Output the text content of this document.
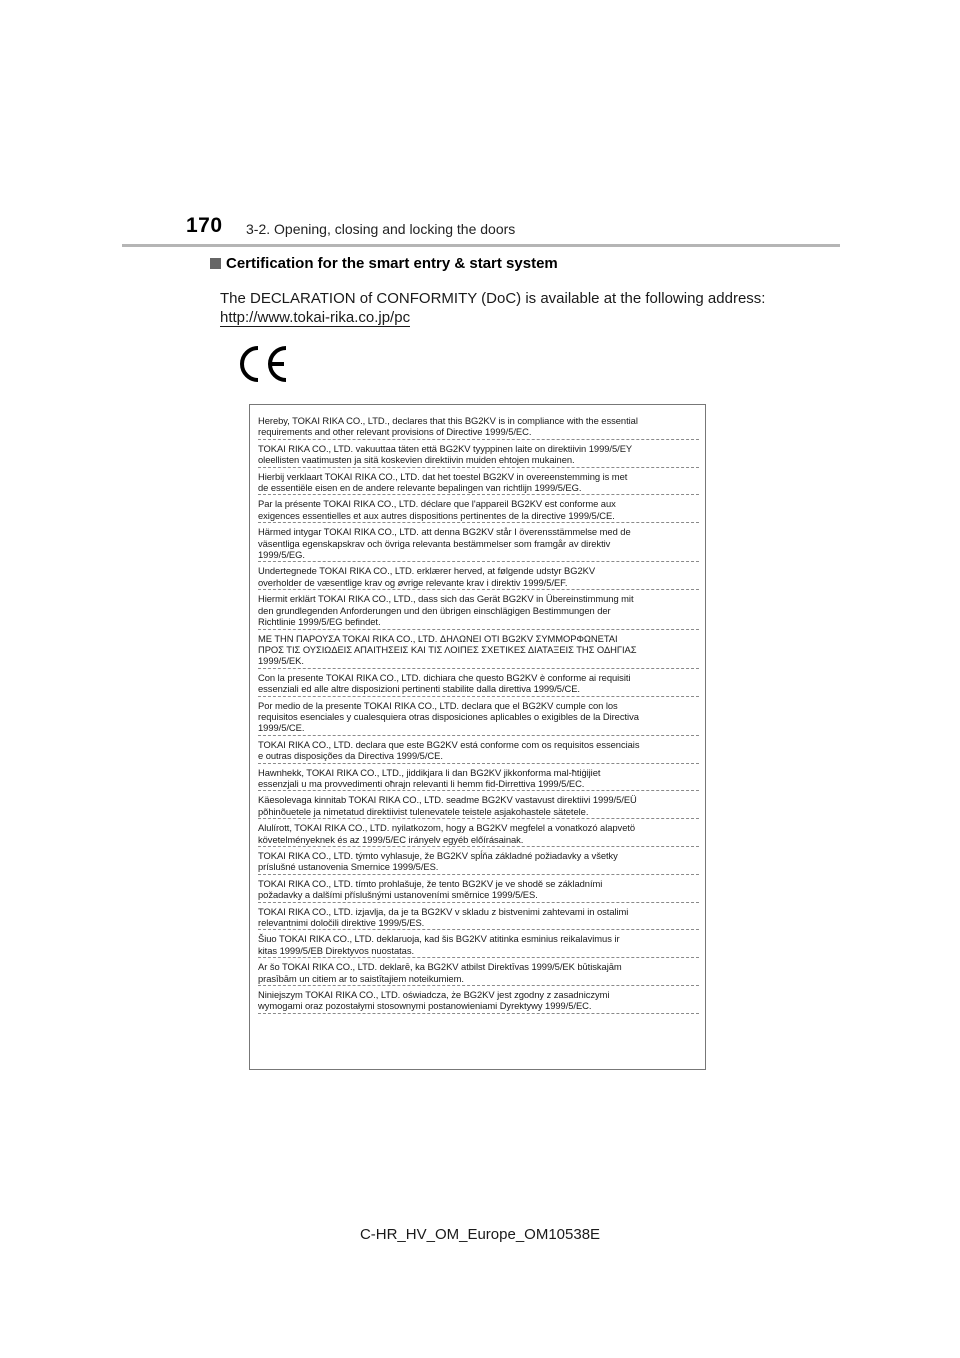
170 3-2. Opening, closing and locking the doors
Certification for the smart entry & start system
The DECLARATION of CONFORMITY (DoC) is available at the following address:
http://www.tokai-rika.co.jp/pc
Hereby, TOKAI RIKA CO., LTD., declares that this BG2KV is in compliance with the essential
requirements and other relevant provisions of Directive 1999/5/EC.
TOKAI RIKA CO., LTD. vakuuttaa täten että BG2KV tyyppinen laite on direktiivin 1999/5/EY
oleellisten vaatimusten ja sitä koskevien direktiivin muiden ehtojen mukainen.
Hierbij verklaart TOKAI RIKA CO., LTD. dat het toestel BG2KV in overeenstemming is met
de essentiële eisen en de andere relevante bepalingen van richtlijn 1999/5/EG.
Par la présente TOKAI RIKA CO., LTD. déclare que l'appareil BG2KV est conforme aux
exigences essentielles et aux autres dispositions pertinentes de la directive 1999/5/CE.
Härmed intygar TOKAI RIKA CO., LTD. att denna BG2KV står I överensstämmelse med de
väsentliga egenskapskrav och övriga relevanta bestämmelser som framgår av direktiv
1999/5/EG.
Undertegnede TOKAI RIKA CO., LTD. erklærer herved, at følgende udstyr BG2KV
overholder de væsentlige krav og øvrige relevante krav i direktiv 1999/5/EF.
Hiermit erklärt TOKAI RIKA CO., LTD., dass sich das Gerät BG2KV in Übereinstimmung mit
den grundlegenden Anforderungen und den übrigen einschlägigen Bestimmungen der
Richtlinie 1999/5/EG befindet.
ΜΕ ΤΗΝ ΠΑΡΟΥΣΑ TOKAI RIKA CO., LTD. ΔΗΛΩΝΕΙ ΟΤΙ BG2KV ΣΥΜΜΟΡΦΩΝΕΤΑΙ
ΠΡΟΣ ΤΙΣ ΟΥΣΙΩΔΕΙΣ ΑΠΑΙΤΗΣΕΙΣ ΚΑΙ ΤΙΣ ΛΟΙΠΕΣ ΣΧΕΤΙΚΕΣ ΔΙΑΤΑΞΕΙΣ ΤΗΣ ΟΔΗΓΙΑΣ
1999/5/ΕΚ.
Con la presente TOKAI RIKA CO., LTD. dichiara che questo BG2KV è conforme ai requisiti
essenziali ed alle altre disposizioni pertinenti stabilite dalla direttiva 1999/5/CE.
Por medio de la presente TOKAI RIKA CO., LTD. declara que el BG2KV cumple con los
requisitos esenciales y cualesquiera otras disposiciones aplicables o exigibles de la Directiva
1999/5/CE.
TOKAI RIKA CO., LTD. declara que este BG2KV está conforme com os requisitos essenciais
e outras disposições da Directiva 1999/5/CE.
Hawnhekk, TOKAI RIKA CO., LTD., jiddikjara li dan BG2KV jikkonforma mal-ħtiġijiet
essenzjali u ma provvedimenti oħrajn relevanti li hemm fid-Dirrettiva 1999/5/EC.
Käesolevaga kinnitab TOKAI RIKA CO., LTD. seadme BG2KV vastavust direktiivi 1999/5/EÜ
põhinõuetele ja nimetatud direktiivist tulenevatele teistele asjakohastele sätetele.
Alulírott, TOKAI RIKA CO., LTD. nyilatkozom, hogy a BG2KV megfelel a vonatkozó alapvetö
követelményeknek és az 1999/5/EC irányelv egyéb előírásainak.
TOKAI RIKA CO., LTD. týmto vyhlasuje, že BG2KV spĺňa základné požiadavky a všetky
príslušné ustanovenia Smernice 1999/5/ES.
TOKAI RIKA CO., LTD. tímto prohlašuje, že tento BG2KV je ve shodě se základními
požadavky a dalšími příslušnými ustanoveními směrnice 1999/5/ES.
TOKAI RIKA CO., LTD. izjavlja, da je ta BG2KV v skladu z bistvenimi zahtevami in ostalimi
relevantnimi določili direktive 1999/5/ES.
Šiuo TOKAI RIKA CO., LTD. deklaruoja, kad šis BG2KV atitinka esminius reikalavimus ir
kitas 1999/5/EB Direktyvos nuostatas.
Ar šo TOKAI RIKA CO., LTD. deklarē, ka BG2KV atbilst Direktīvas 1999/5/EK būtiskajām
prasībām un citiem ar to saistītajiem noteikumiem.
Niniejszym TOKAI RIKA CO., LTD. oświadcza, że BG2KV jest zgodny z zasadniczymi
wymogami oraz pozostałymi stosownymi postanowieniami Dyrektywy 1999/5/EC.
C-HR_HV_OM_Europe_OM10538E
